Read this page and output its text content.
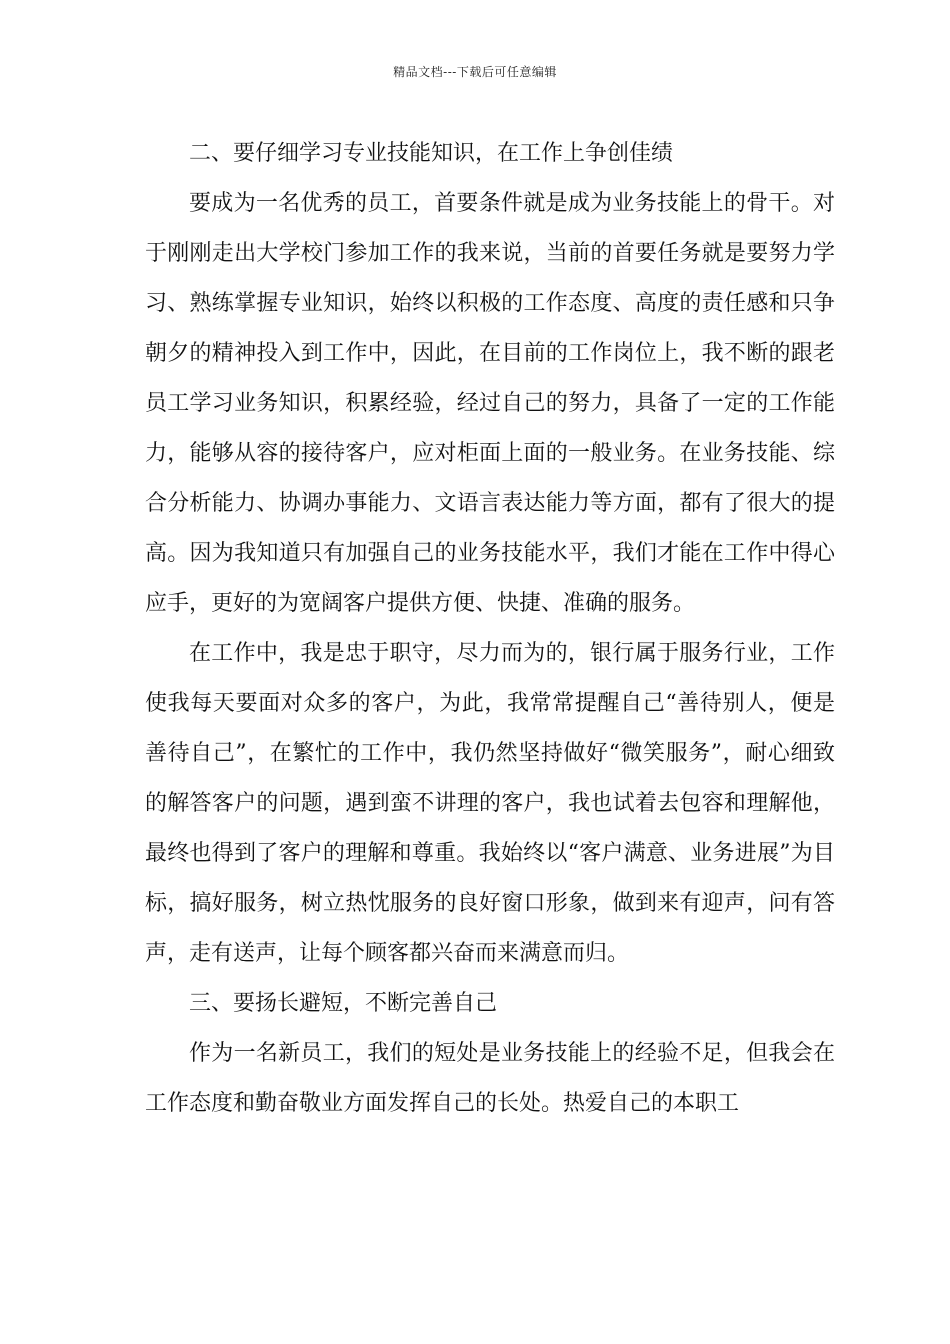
精品文档---下载后可任意编辑

二、要仔细学习专业技能知识，在工作上争创佳绩

要成为一名优秀的员工，首要条件就是成为业务技能上的骨干。对于刚刚走出大学校门参加工作的我来说，当前的首要任务就是要努力学习、熟练掌握专业知识，始终以积极的工作态度、高度的责任感和只争朝夕的精神投入到工作中，因此，在目前的工作岗位上，我不断的跟老员工学习业务知识，积累经验，经过自己的努力，具备了一定的工作能力，能够从容的接待客户，应对柜面上面的一般业务。在业务技能、综合分析能力、协调办事能力、文语言表达能力等方面，都有了很大的提高。因为我知道只有加强自己的业务技能水平，我们才能在工作中得心应手，更好的为宽阔客户提供方便、快捷、准确的服务。

在工作中，我是忠于职守，尽力而为的，银行属于服务行业，工作使我每天要面对众多的客户，为此，我常常提醒自己“善待别人，便是善待自己”，在繁忙的工作中，我仍然坚持做好“微笑服务”，耐心细致的解答客户的问题，遇到蛮不讲理的客户，我也试着去包容和理解他，最终也得到了客户的理解和尊重。我始终以“客户满意、业务进展”为目标，搞好服务，树立热忱服务的良好窗口形象，做到来有迎声，问有答声，走有送声，让每个顾客都兴奋而来满意而归。

三、要扬长避短，不断完善自己

作为一名新员工，我们的短处是业务技能上的经验不足，但我会在工作态度和勤奋敬业方面发挥自己的长处。热爱自己的本职工
